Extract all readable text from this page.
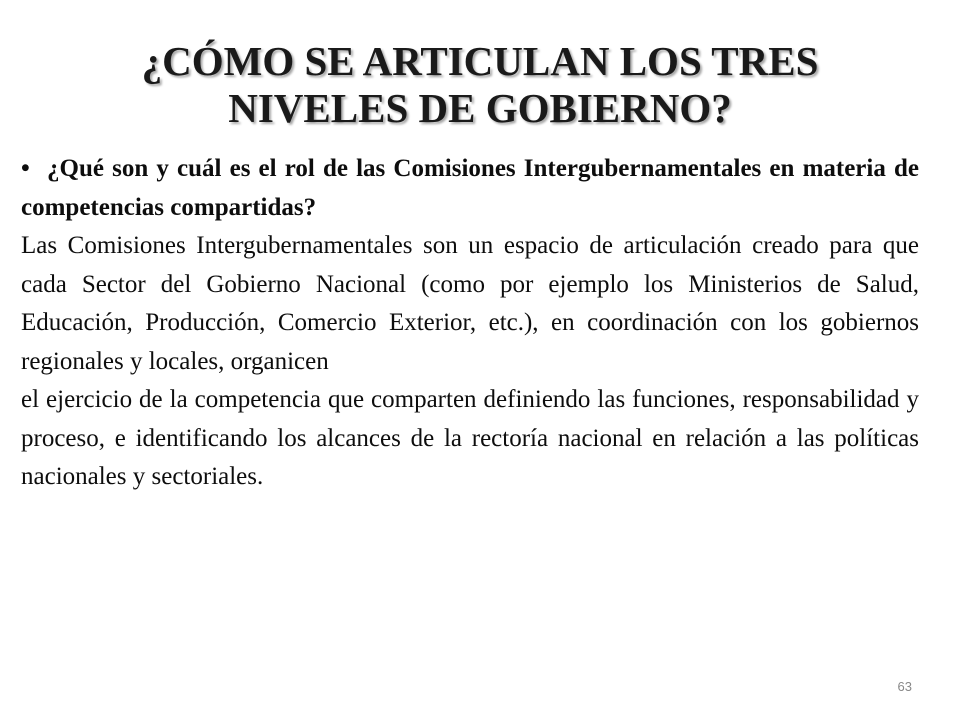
¿CÓMO SE ARTICULAN LOS TRES
NIVELES DE GOBIERNO?

• ¿Qué son y cuál es el rol de las Comisiones Intergubernamentales en materia de competencias compartidas?

Las Comisiones Intergubernamentales son un espacio de articulación creado para que cada Sector del Gobierno Nacional (como por ejemplo los Ministerios de Salud, Educación, Producción, Comercio Exterior, etc.), en coordinación con los gobiernos regionales y locales, organicen

el ejercicio de la competencia que comparten definiendo las funciones, responsabilidad y proceso, e identificando los alcances de la rectoría nacional en relación a las políticas nacionales y sectoriales.

63
